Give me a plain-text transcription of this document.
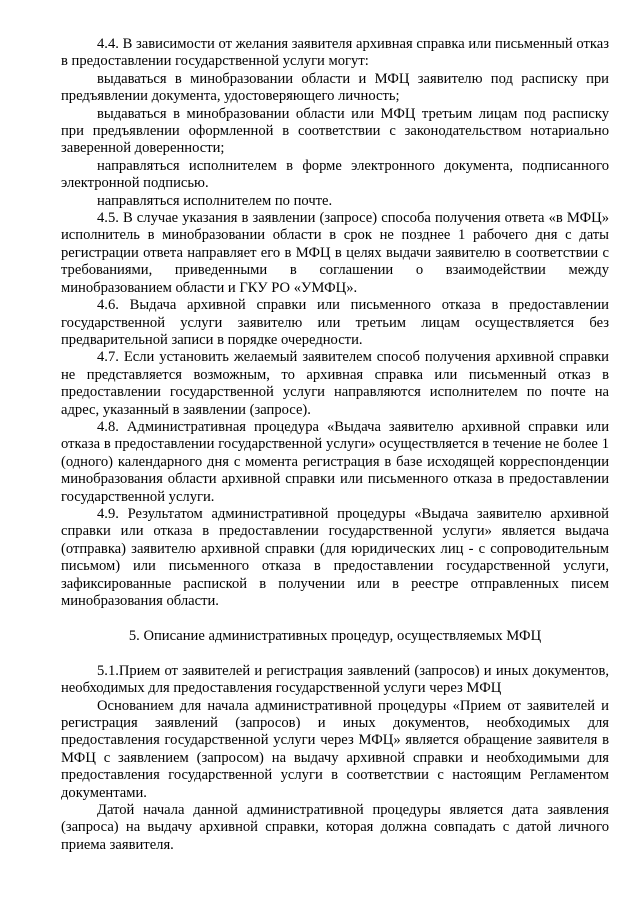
4.4. В зависимости от желания заявителя архивная справка или письменный отказ в предоставлении государственной услуги могут:

выдаваться в минобразовании области и МФЦ заявителю под расписку при предъявлении документа, удостоверяющего личность;

выдаваться в минобразовании области или МФЦ третьим лицам под расписку при предъявлении оформленной в соответствии с законодательством нотариально заверенной доверенности;

направляться исполнителем в форме электронного документа, подписанного электронной подписью.

направляться исполнителем по почте.

4.5. В случае указания в заявлении (запросе) способа получения ответа «в МФЦ» исполнитель в минобразовании области в срок не позднее 1 рабочего дня с даты регистрации ответа направляет его в МФЦ в целях выдачи заявителю в соответствии с требованиями, приведенными в соглашении о взаимодействии между минобразованием области и ГКУ РО «УМФЦ».

4.6. Выдача архивной справки или письменного отказа в предоставлении государственной услуги заявителю или третьим лицам осуществляется без предварительной записи в порядке очередности.

4.7. Если установить желаемый заявителем способ получения архивной справки не представляется возможным, то архивная справка или письменный отказ в предоставлении государственной услуги направляются исполнителем по почте на адрес, указанный в заявлении (запросе).

4.8. Административная процедура «Выдача заявителю архивной справки или отказа в предоставлении государственной услуги» осуществляется в течение не более 1 (одного) календарного дня с момента регистрация в базе исходящей корреспонденции минобразования области архивной справки или письменного отказа в предоставлении государственной услуги.

4.9. Результатом административной процедуры «Выдача заявителю архивной справки или отказа в предоставлении государственной услуги» является выдача (отправка) заявителю архивной справки (для юридических лиц - с сопроводительным письмом) или письменного отказа в предоставлении государственной услуги, зафиксированные распиской в получении или в реестре отправленных писем минобразования области.

5. Описание административных процедур, осуществляемых МФЦ

5.1.Прием от заявителей и регистрация заявлений (запросов) и иных документов, необходимых для предоставления государственной услуги через МФЦ

Основанием для начала административной процедуры «Прием от заявителей и регистрация заявлений (запросов) и иных документов, необходимых для предоставления государственной услуги через МФЦ» является обращение заявителя в МФЦ с заявлением (запросом) на выдачу архивной справки и необходимыми для предоставления государственной услуги в соответствии с настоящим Регламентом документами.

Датой начала данной административной процедуры является дата заявления (запроса) на выдачу архивной справки, которая должна совпадать с датой личного приема заявителя.
